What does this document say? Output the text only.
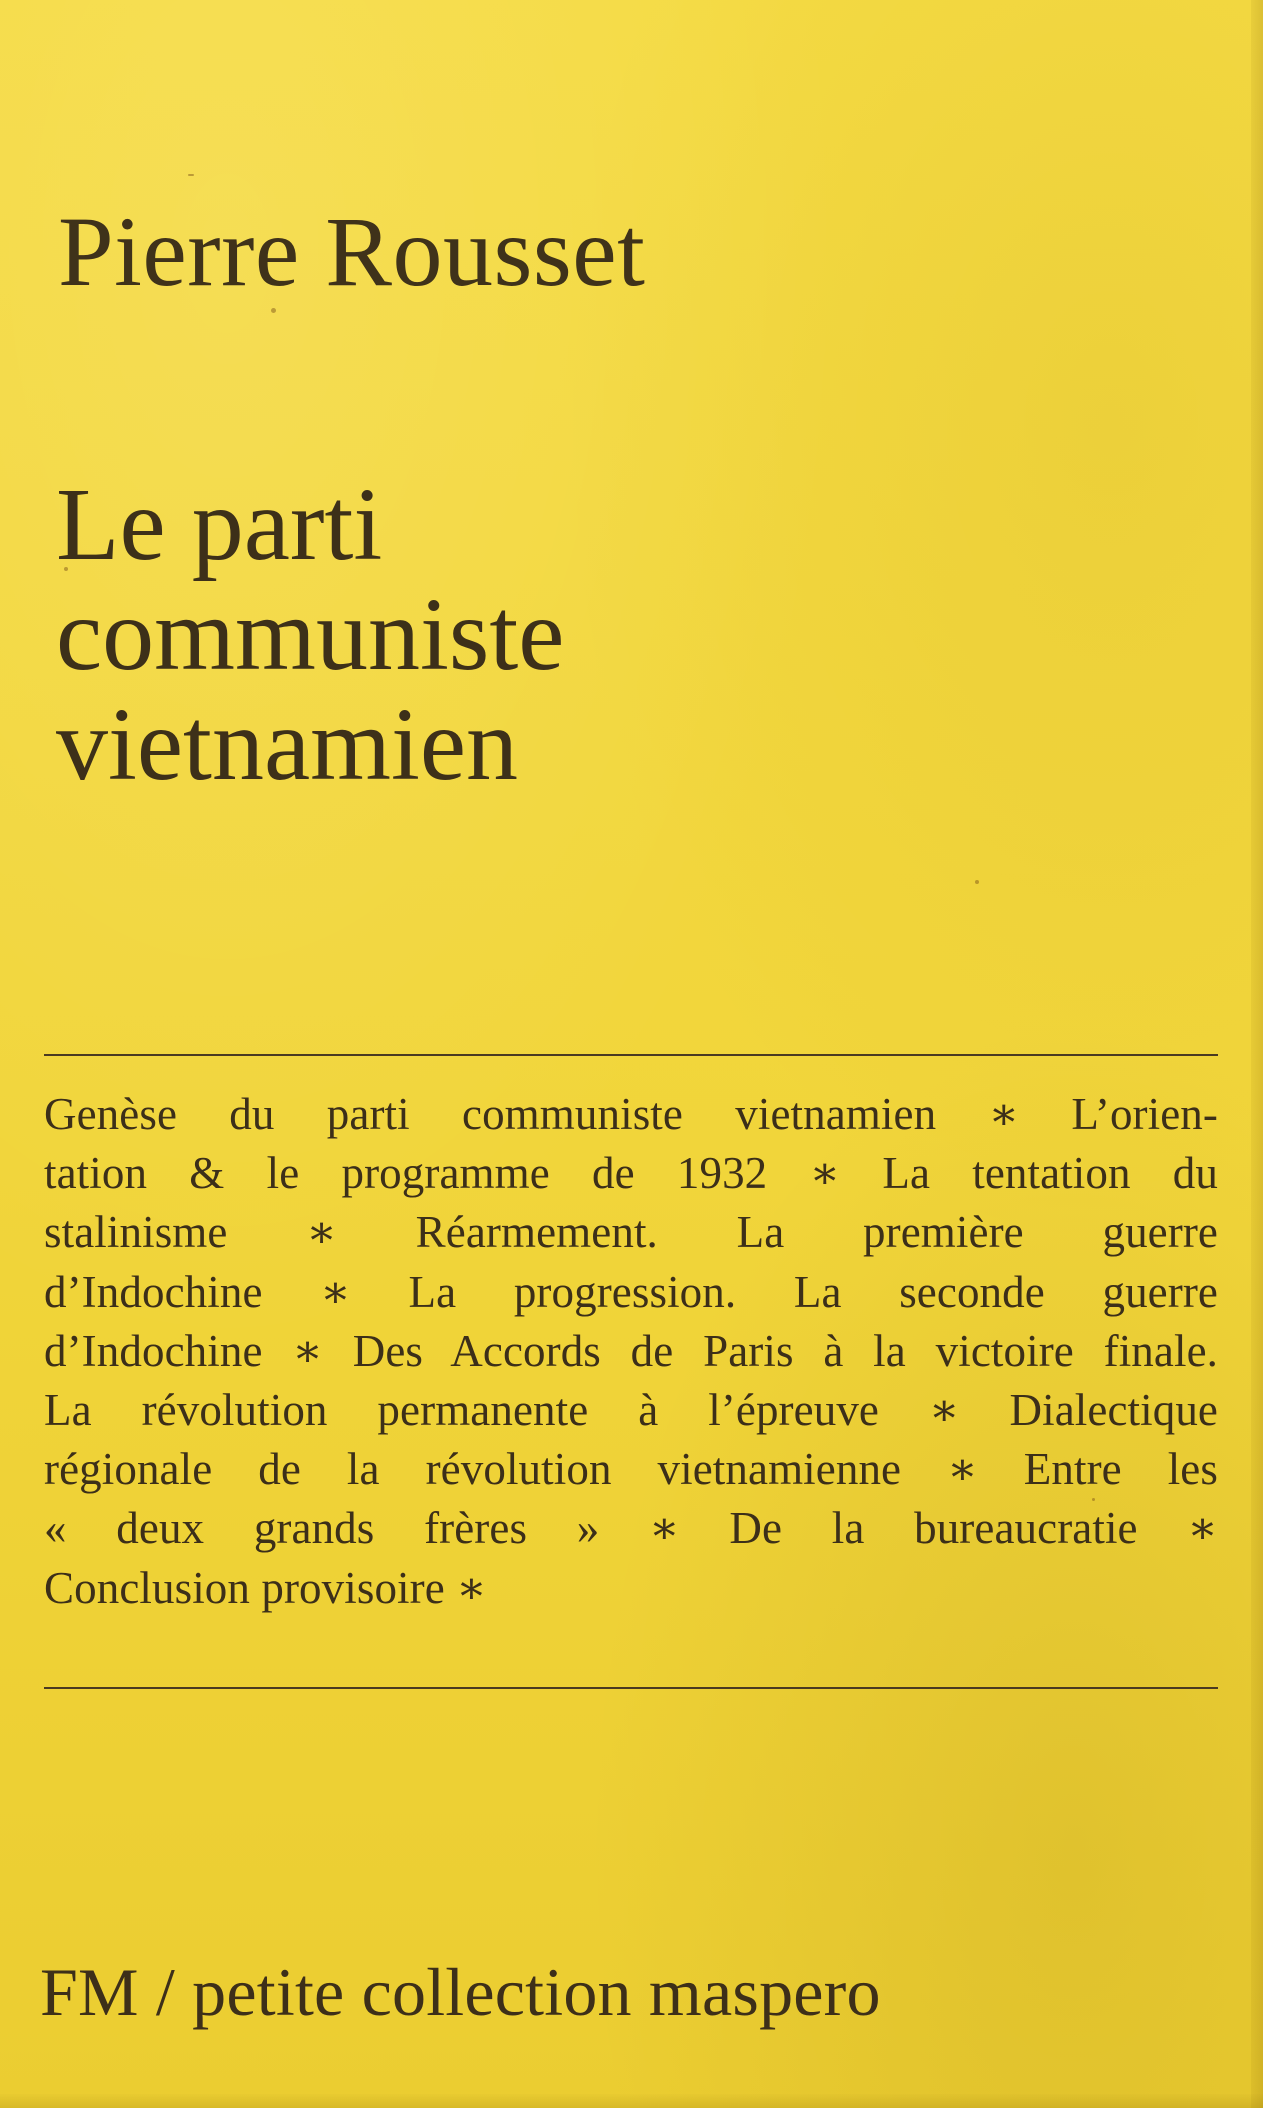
Pierre Rousset

Le parti

communiste

vietnamien

Genèse du parti communiste vietnamien ∗ L’orien-

tation & le programme de 1932 ∗ La tentation du

stalinisme ∗ Réarmement. La première guerre

d’Indochine ∗ La progression. La seconde guerre

d’Indochine ∗ Des Accords de Paris à la victoire finale.

La révolution permanente à l’épreuve ∗ Dialectique

régionale de la révolution vietnamienne ∗ Entre les

« deux grands frères » ∗ De la bureaucratie ∗

Conclusion provisoire ∗

FM / petite collection maspero
